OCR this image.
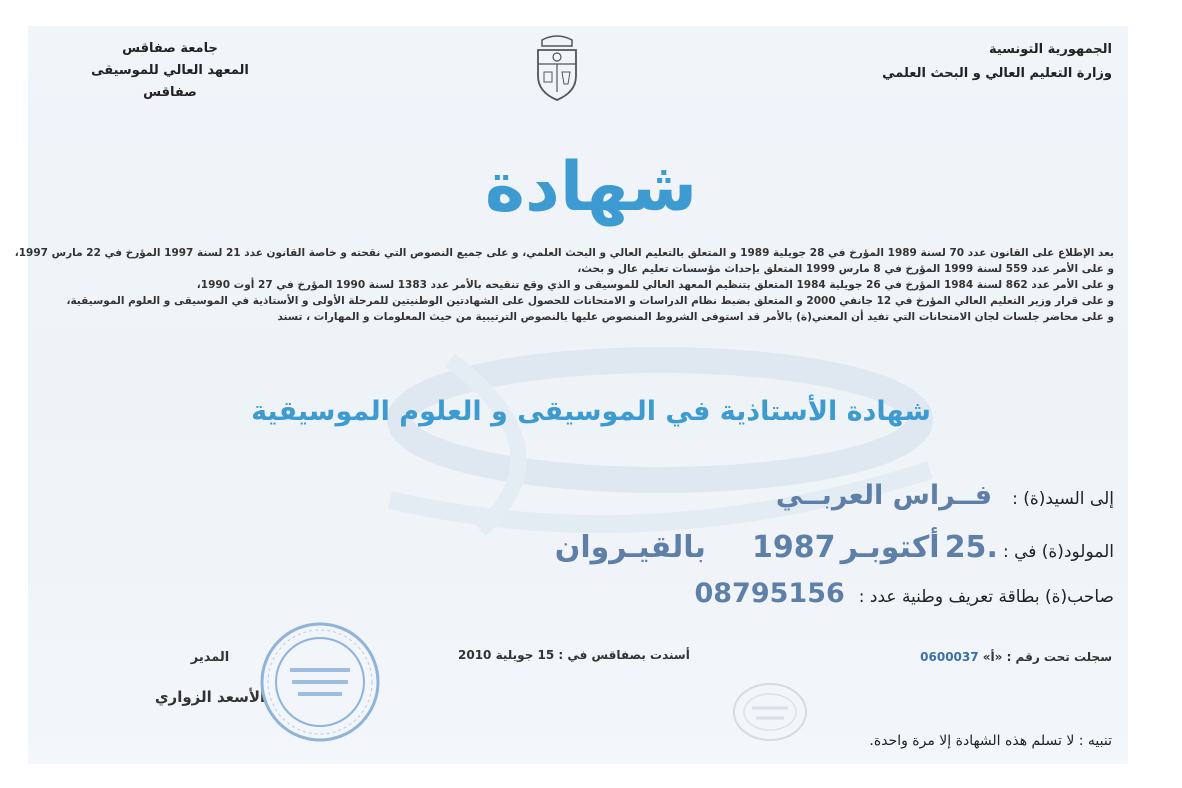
جامعة صفاقس
المعهد العالي للموسيقى
صفاقس
الجمهورية التونسية
وزارة التعليم العالي و البحث العلمي
شهادة
بعد الإطلاع على القانون عدد 70 لسنة 1989 المؤرخ في 28 جويلية 1989 و المتعلق بالتعليم العالي و البحث العلمي، و على جميع النصوص التي نقحته و خاصة القانون عدد 21 لسنة 1997 المؤرخ في 22 مارس 1997،
و على الأمر عدد 559 لسنة 1999 المؤرخ في 8 مارس 1999 المتعلق بإحداث مؤسسات تعليم عال و بحث،
و على الأمر عدد 862 لسنة 1984 المؤرخ في 26 جويلية 1984 المتعلق بتنظيم المعهد العالي للموسيقى و الذي وقع تنقيحه بالأمر عدد 1383 لسنة 1990 المؤرخ في 27 أوت 1990،
و على قرار وزير التعليم العالي المؤرخ في 12 جانفي 2000 و المتعلق بضبط نظام الدراسات و الامتحانات للحصول على الشهادتين الوطنيتين للمرحلة الأولى و الأستاذية في الموسيقى و العلوم الموسيقية،
و على محاضر جلسات لجان الامتحانات التي تفيد أن المعني(ة) بالأمر قد استوفى الشروط المنصوص عليها بالنصوص الترتيبية من حيث المعلومات و المهارات ، تسند
شهادة الأستاذية في الموسيقى و العلوم الموسيقية
إلى السيد(ة) :فــراس العربــي
المولود(ة) في : .25 أكتوبـر 1987  بالقيـروان
صاحب(ة) بطاقة تعريف وطنية عدد :08795156
سجلت تحت رقم : «أ» 0600037
أسندت بصفاقس في : 15 جويلية 2010
المدير
الأسعد الزواري
تنبيه : لا تسلم هذه الشهادة إلا مرة واحدة.
